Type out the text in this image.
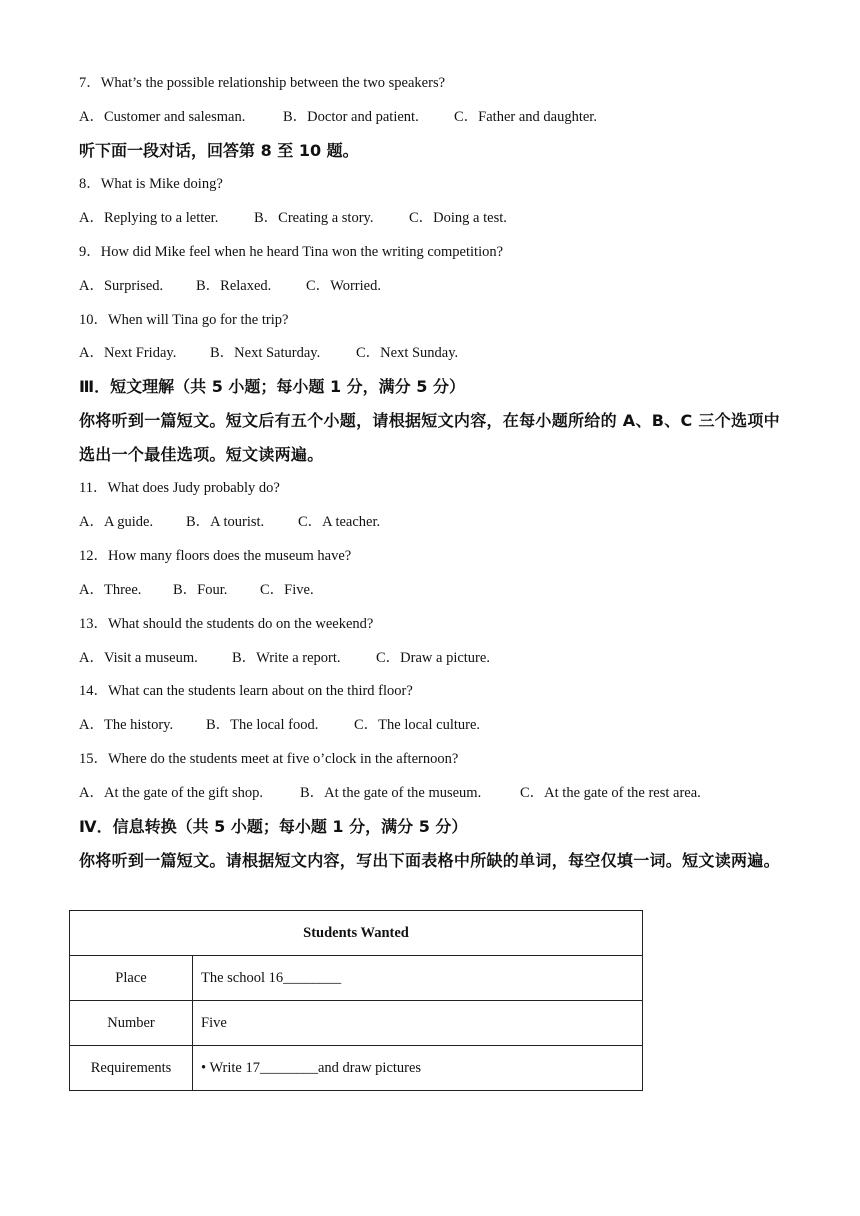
7．What’s the possible relationship between the two speakers?
A．Customer and salesman.	B．Doctor and patient. C．Father and daughter.
听下面一段对话，回答第 8 至 10 题。
8．What is Mike doing?
A．Replying to a letter. B．Creating a story. C．Doing a test.
9．How did Mike feel when he heard Tina won the writing competition?
A．Surprised. B．Relaxed. C．Worried.
10．When will Tina go for the trip?
A．Next Friday. B．Next Saturday. C．Next Sunday.
Ⅲ．短文理解（共 5 小题；每小题 1 分，满分 5 分）
你将听到一篇短文。短文后有五个小题，请根据短文内容，在每小题所给的 A、B、C 三个选项中选出一个最佳选项。短文读两遍。
11．What does Judy probably do?
A．A guide. B．A tourist. C．A teacher.
12．How many floors does the museum have?
A．Three. B．Four. C．Five.
13．What should the students do on the weekend?
A．Visit a museum. B．Write a report. C．Draw a picture.
14．What can the students learn about on the third floor?
A．The history. B．The local food. C．The local culture.
15．Where do the students meet at five o’clock in the afternoon?
A．At the gate of the gift shop.	B．At the gate of the museum.	C．At the gate of the rest area.
Ⅳ．信息转换（共 5 小题；每小题 1 分，满分 5 分）
你将听到一篇短文。请根据短文内容，写出下面表格中所缺的单词，每空仅填一词。短文读两遍。
Students Wanted	
Place	The school 16________
Number	Five
Requirements	• Write 17________and draw pictures
